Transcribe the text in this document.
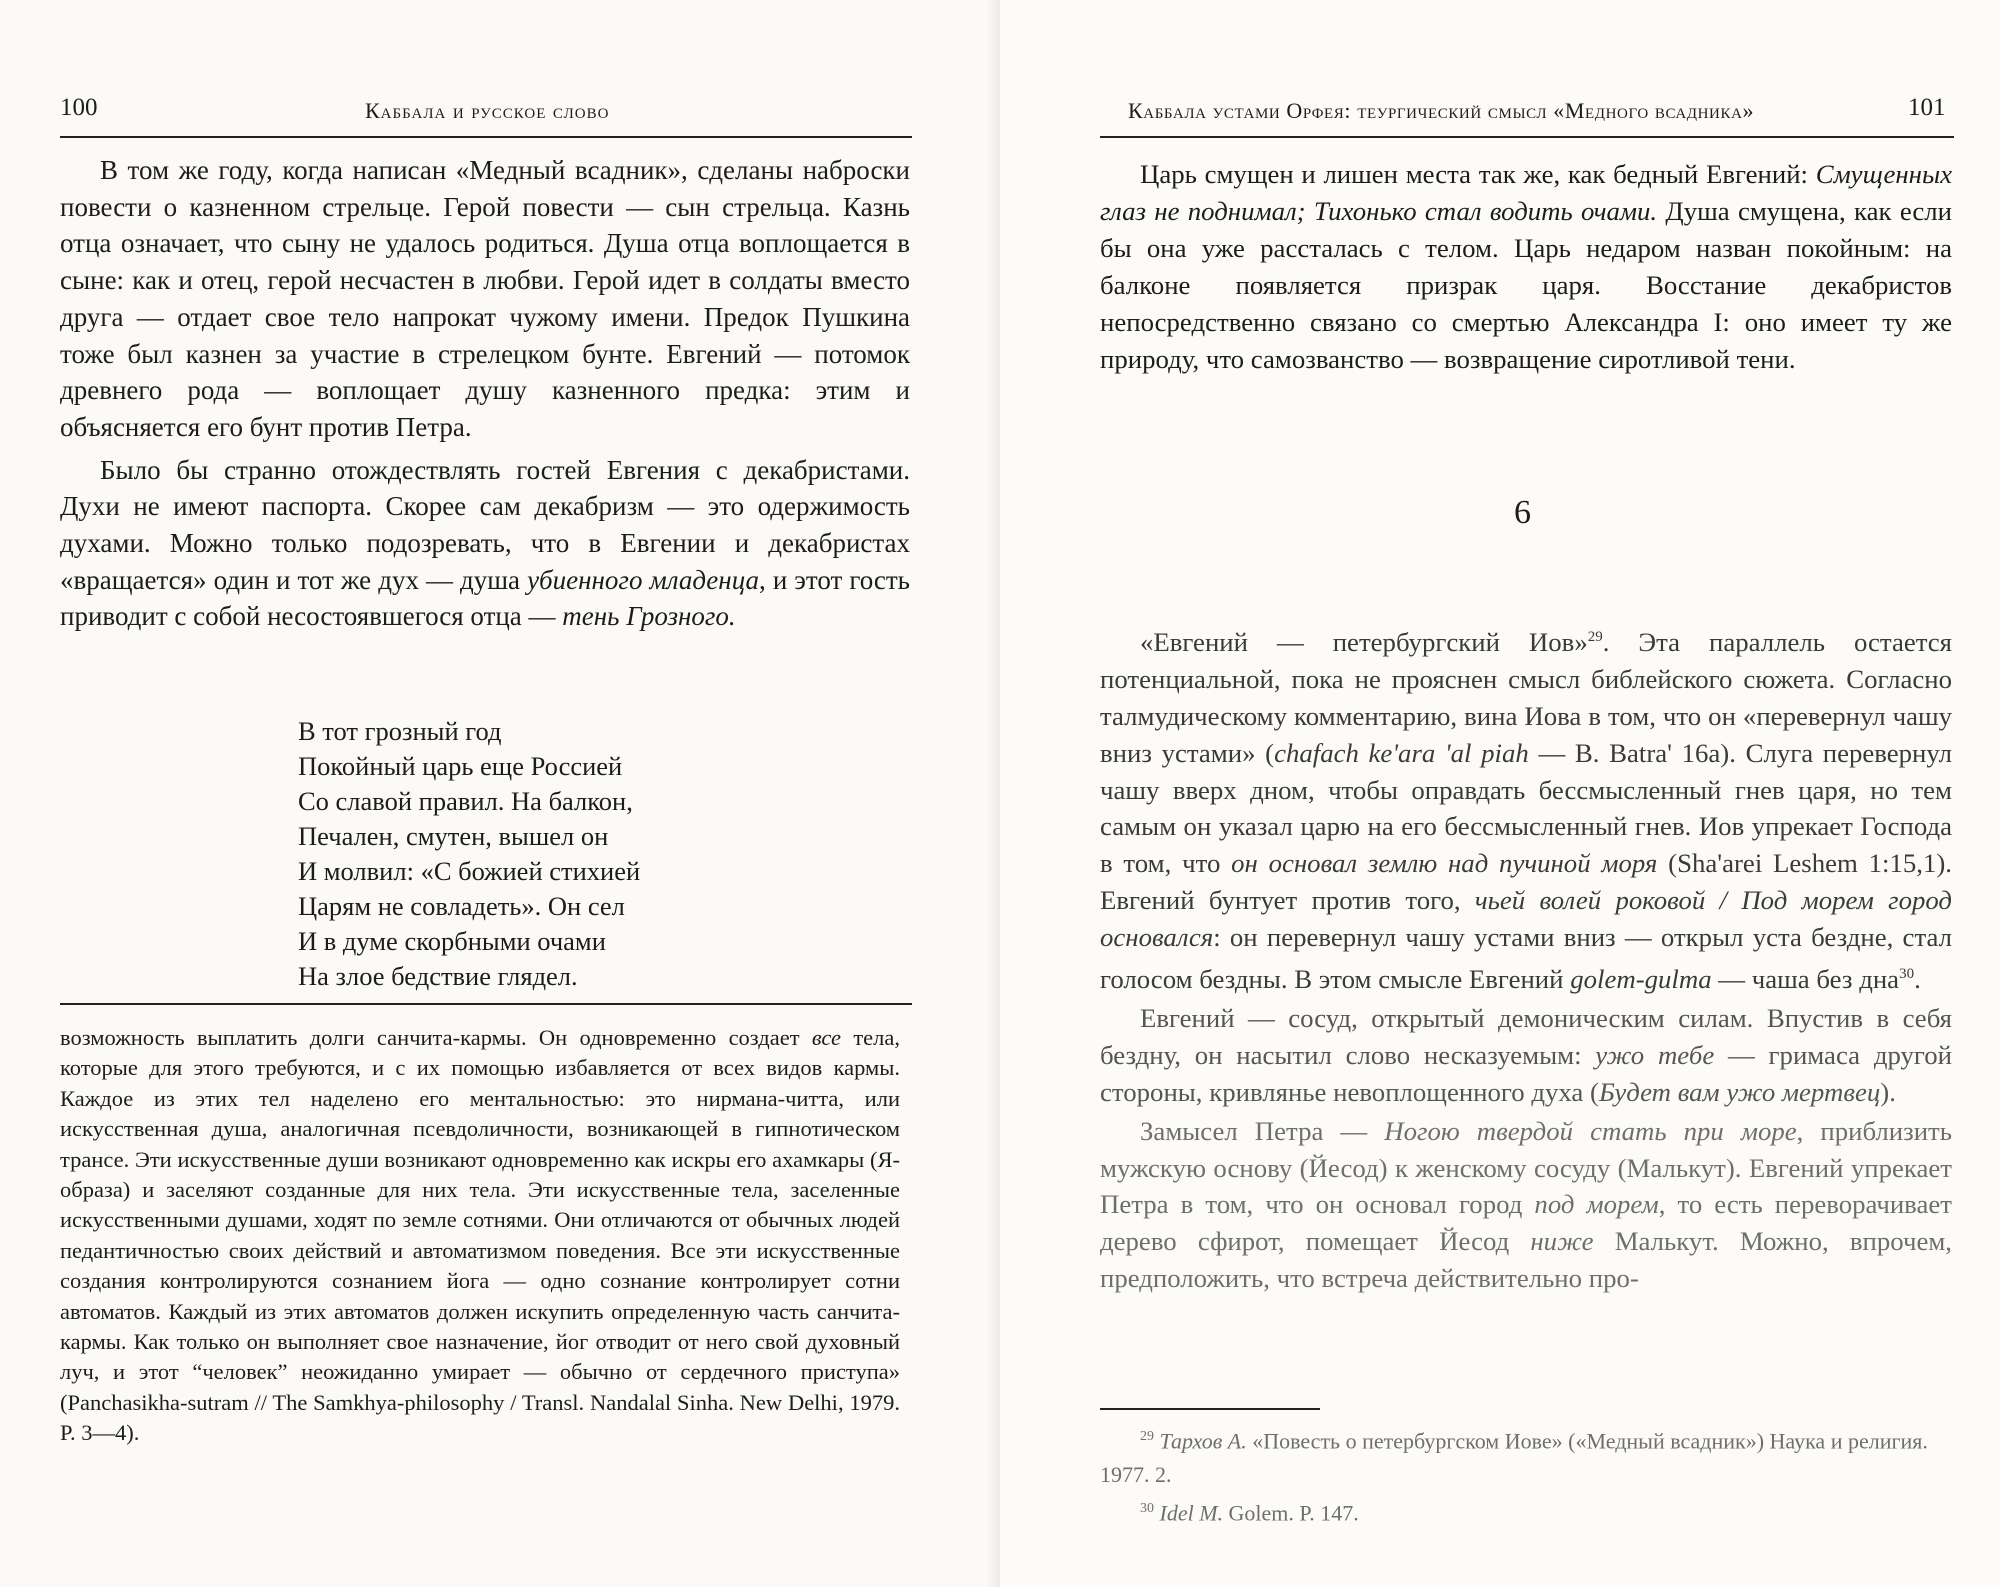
100	Каббала и русское слово

В том же году, когда написан «Медный всадник», сделаны наброски повести о казненном стрельце. Герой повести — сын стрельца. Казнь отца означает, что сыну не удалось родиться. Душа отца воплощается в сыне: как и отец, герой несчастен в любви. Герой идет в солдаты вместо друга — отдает свое тело напрокат чужому имени. Предок Пушкина тоже был казнен за участие в стрелецком бунте. Евгений — потомок древнего рода — воплощает душу казненного предка: этим и объясняется его бунт против Петра.

Было бы странно отождествлять гостей Евгения с декабристами. Духи не имеют паспорта. Скорее сам декабризм — это одержимость духами. Можно только подозревать, что в Евгении и декабристах «вращается» один и тот же дух — душа убиенного младенца, и этот гость приводит с собой несостоявшегося отца — тень Грозного.

В тот грозный год
Покойный царь еще Россией
Со славой правил. На балкон,
Печален, смутен, вышел он
И молвил: «С божией стихией
Царям не совладеть». Он сел
И в думе скорбными очами
На злое бедствие глядел.

возможность выплатить долги санчита-кармы. Он одновременно создает все тела, которые для этого требуются, и с их помощью избавляется от всех видов кармы. Каждое из этих тел наделено его ментальностью: это нирмана-читта, или искусственная душа, аналогичная псевдоличности, возникающей в гипнотическом трансе. Эти искусственные души возникают одновременно как искры его ахамкары (Я-образа) и заселяют созданные для них тела. Эти искусственные тела, заселенные искусственными душами, ходят по земле сотнями. Они отличаются от обычных людей педантичностью своих действий и автоматизмом поведения. Все эти искусственные создания контролируются сознанием йога — одно сознание контролирует сотни автоматов. Каждый из этих автоматов должен искупить определенную часть санчита-кармы. Как только он выполняет свое назначение, йог отводит от него свой духовный луч, и этот “человек” неожиданно умирает — обычно от сердечного приступа» (Panchasikha-sutram // The Samkhya-philosophy / Transl. Nandalal Sinha. New Delhi, 1979. P. 3—4).

Каббала устами Орфея: теургический смысл «Медного всадника»	101

Царь смущен и лишен места так же, как бедный Евгений: Смущенных глаз не поднимал; Тихонько стал водить очами. Душа смущена, как если бы она уже рассталась с телом. Царь недаром назван покойным: на балконе появляется призрак царя. Восстание декабристов непосредственно связано со смертью Александра I: оно имеет ту же природу, что самозванство — возвращение сиротливой тени.

6

«Евгений — петербургский Иов»$^{29}$. Эта параллель остается потенциальной, пока не прояснен смысл библейского сюжета. Согласно талмудическому комментарию, вина Иова в том, что он «перевернул чашу вниз устами» (chafach ke'ara 'al piah — B. Batra' 16a). Слуга перевернул чашу вверх дном, чтобы оправдать бессмысленный гнев царя, но тем самым он указал царю на его бессмысленный гнев. Иов упрекает Господа в том, что он основал землю над пучиной моря (Sha'arei Leshem 1:15,1). Евгений бунтует против того, чьей волей роковой / Под морем город основался: он перевернул чашу устами вниз — открыл уста бездне, стал голосом бездны. В этом смысле Евгений golem-gulma — чаша без дна$^{30}$.

Евгений — сосуд, открытый демоническим силам. Впустив в себя бездну, он насытил слово несказуемым: ужо тебе — гримаса другой стороны, кривлянье невоплощенного духа (Будет вам ужо мертвец).

Замысел Петра — Ногою твердой стать при море, приблизить мужскую основу (Йесод) к женскому сосуду (Малькут). Евгений упрекает Петра в том, что он основал город под морем, то есть переворачивает дерево сфирот, помещает Йесод ниже Малькут. Можно, впрочем, предположить, что встреча действительно про-

$^{29}$ Тархов А. «Повесть о петербургском Иове» («Медный всадник») Наука и религия. 1977. 2.

$^{30}$ Idel M. Golem. P. 147.
